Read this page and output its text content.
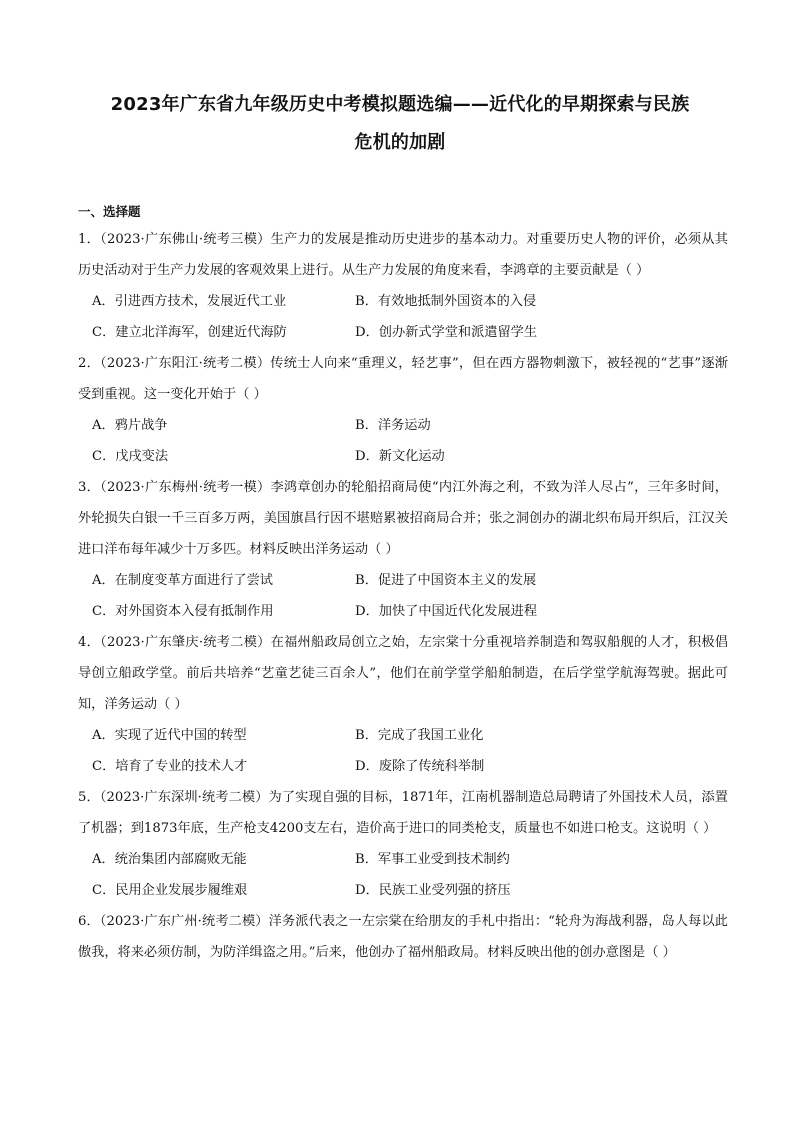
2023年广东省九年级历史中考模拟题选编——近代化的早期探索与民族
危机的加剧
一、选择题
1．（2023·广东佛山·统考三模）生产力的发展是推动历史进步的基本动力。对重要历史人物的评价，必须从其历史活动对于生产力发展的客观效果上进行。从生产力发展的角度来看，李鸿章的主要贡献是（ ）
A．引进西方技术，发展近代工业	B．有效地抵制外国资本的入侵
C．建立北洋海军，创建近代海防	D．创办新式学堂和派遣留学生
2．（2023·广东阳江·统考二模）传统士人向来“重理义，轻艺事”，但在西方器物刺激下，被轻视的“艺事”逐渐受到重视。这一变化开始于（ ）
A．鸦片战争	B．洋务运动
C．戊戌变法	D．新文化运动
3．（2023·广东梅州·统考一模）李鸿章创办的轮船招商局使“内江外海之利，不致为洋人尽占”，三年多时间，外轮损失白银一千三百多万两，美国旗昌行因不堪赔累被招商局合并；张之洞创办的湖北织布局开织后，江汉关进口洋布每年减少十万多匹。材料反映出洋务运动（ ）
A．在制度变革方面进行了尝试	B．促进了中国资本主义的发展
C．对外国资本入侵有抵制作用	D．加快了中国近代化发展进程
4．（2023·广东肇庆·统考二模）在福州船政局创立之始，左宗棠十分重视培养制造和驾驭船舰的人才，积极倡导创立船政学堂。前后共培养“艺童艺徒三百余人”，他们在前学堂学船舶制造，在后学堂学航海驾驶。据此可知，洋务运动（ ）
A．实现了近代中国的转型	B．完成了我国工业化
C．培育了专业的技术人才	D．废除了传统科举制
5．（2023·广东深圳·统考二模）为了实现自强的目标，1871年，江南机器制造总局聘请了外国技术人员，添置了机器；到1873年底，生产枪支4200支左右，造价高于进口的同类枪支，质量也不如进口枪支。这说明（ ）
A．统治集团内部腐败无能	B．军事工业受到技术制约
C．民用企业发展步履维艰	D．民族工业受列强的挤压
6．（2023·广东广州·统考二模）洋务派代表之一左宗棠在给朋友的手札中指出：“轮舟为海战利器，岛人每以此傲我，将来必须仿制，为防洋缉盗之用。”后来，他创办了福州船政局。材料反映出他的创办意图是（ ）
